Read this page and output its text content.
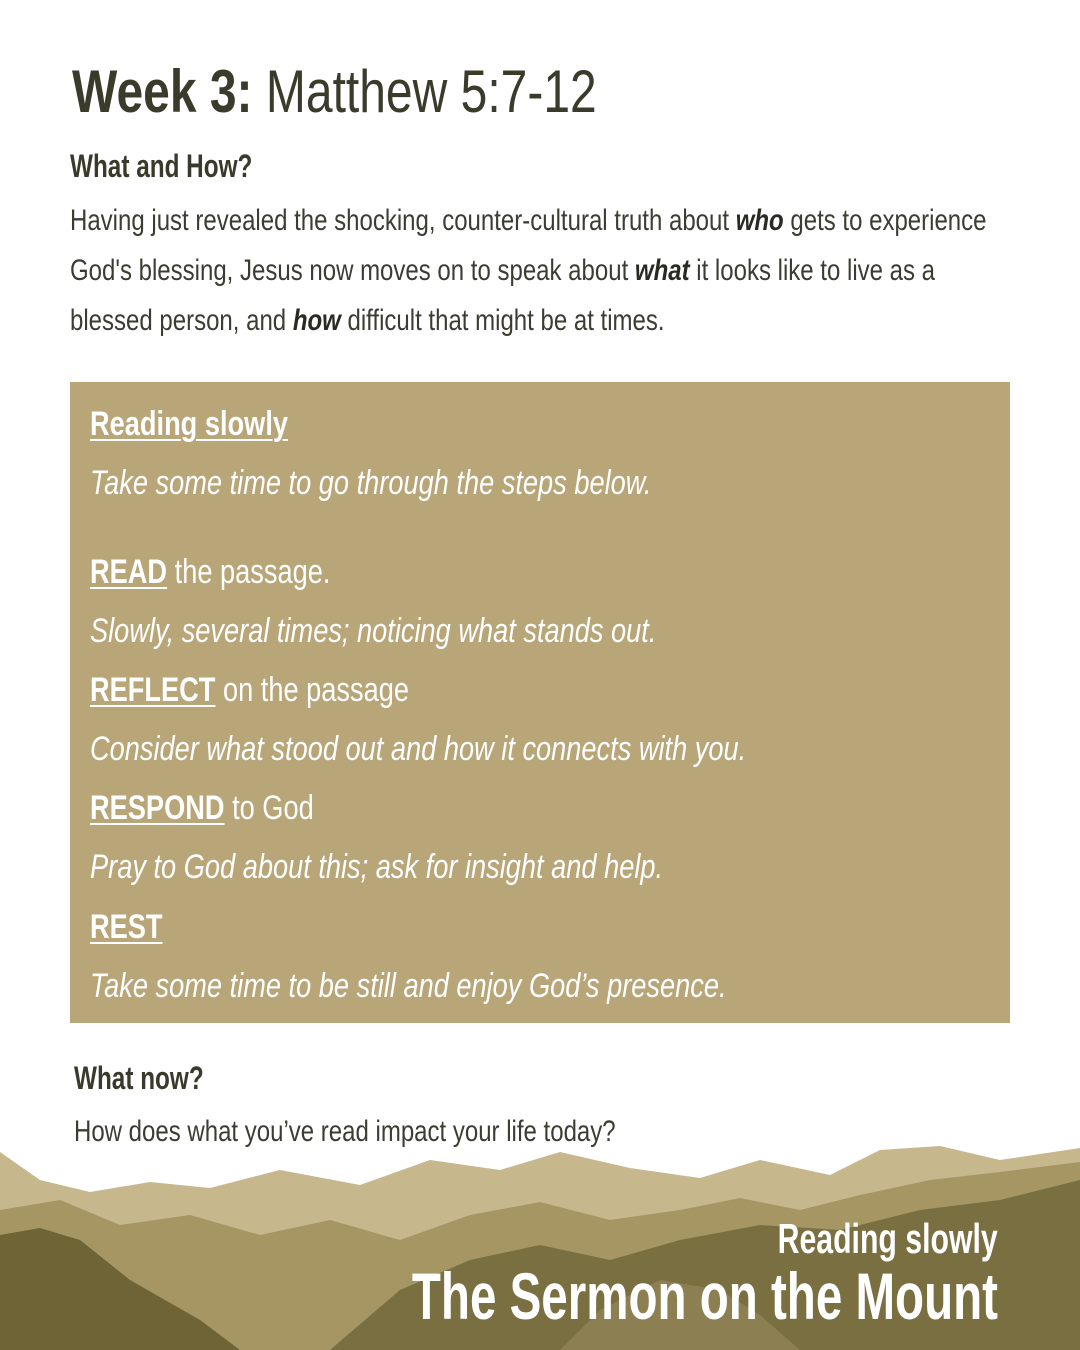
Week 3: Matthew 5:7-12
What and How?
Having just revealed the shocking, counter-cultural truth about who gets to experience God's blessing, Jesus now moves on to speak about what it looks like to live as a blessed person, and how difficult that might be at times.
Reading slowly
Take some time to go through the steps below.
READ the passage.
Slowly, several times; noticing what stands out.
REFLECT on the passage
Consider what stood out and how it connects with you.
RESPOND to God
Pray to God about this; ask for insight and help.
REST
Take some time to be still and enjoy God’s presence.
What now?
How does what you’ve read impact your life today?
Reading slowly
The Sermon on the Mount
